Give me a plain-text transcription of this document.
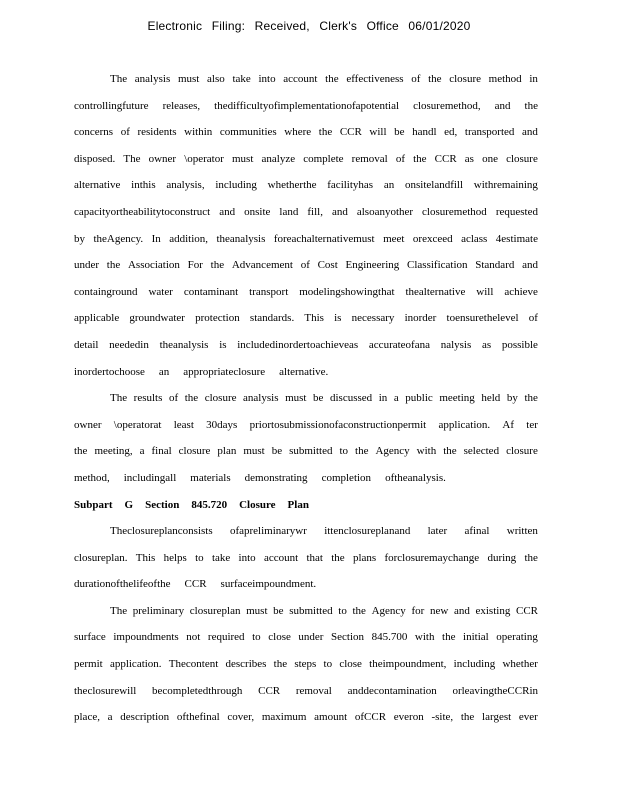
Electronic Filing: Received, Clerk's Office 06/01/2020
The analysis must also take into account the effectiveness of the closure method in
controllingfuture releases, thedifficultyofimplementationofapotential closuremethod, and the
concerns of residents within communities where the CCR will be handl ed, transported and
disposed. The owner \operator must analyze complete removal of the CCR as one closure
alternative inthis analysis, including whetherthe facilityhas an onsitelandfill withremaining
capacityortheabilitytoconstruct and onsite land fill, and alsoanyother closuremethod requested
by theAgency. In addition, theanalysis foreachalternativemust meet orexceed aclass 4estimate
under the Association For the Advancement of Cost Engineering Classification Standard and
containground water contaminant transport modelingshowingthat thealternative will achieve
applicable groundwater protection standards. This is necessary inorder toensurethelevel of
detail neededin theanalysis is includedinordertoachieveas accurateofana nalysis as possible
inordertochoose an appropriateclosure alternative.
The results of the closure analysis must be discussed in a public meeting held by the
owner \operatorat least 30days priortosubmissionofaconstructionpermit application. Af ter
the meeting, a final closure plan must be submitted to the Agency with the selected closure
method, includingall materials demonstrating completion oftheanalysis.
Subpart G Section 845.720 Closure Plan
Theclosureplanconsists ofapreliminarywr ittenclosureplanand later afinal written
closureplan. This helps to take into account that the plans forclosuremaychange during the
durationofthelifeofthe CCR surfaceimpoundment.
The preliminary closureplan must be submitted to the Agency for new and existing CCR
surface impoundments not required to close under Section 845.700 with the initial operating
permit application. Thecontent describes the steps to close theimpoundment, including whether
theclosurewill becompletedthrough CCR removal anddecontamination orleavingtheCCRin
place, a description ofthefinal cover, maximum amount ofCCR everon -site, the largest ever
